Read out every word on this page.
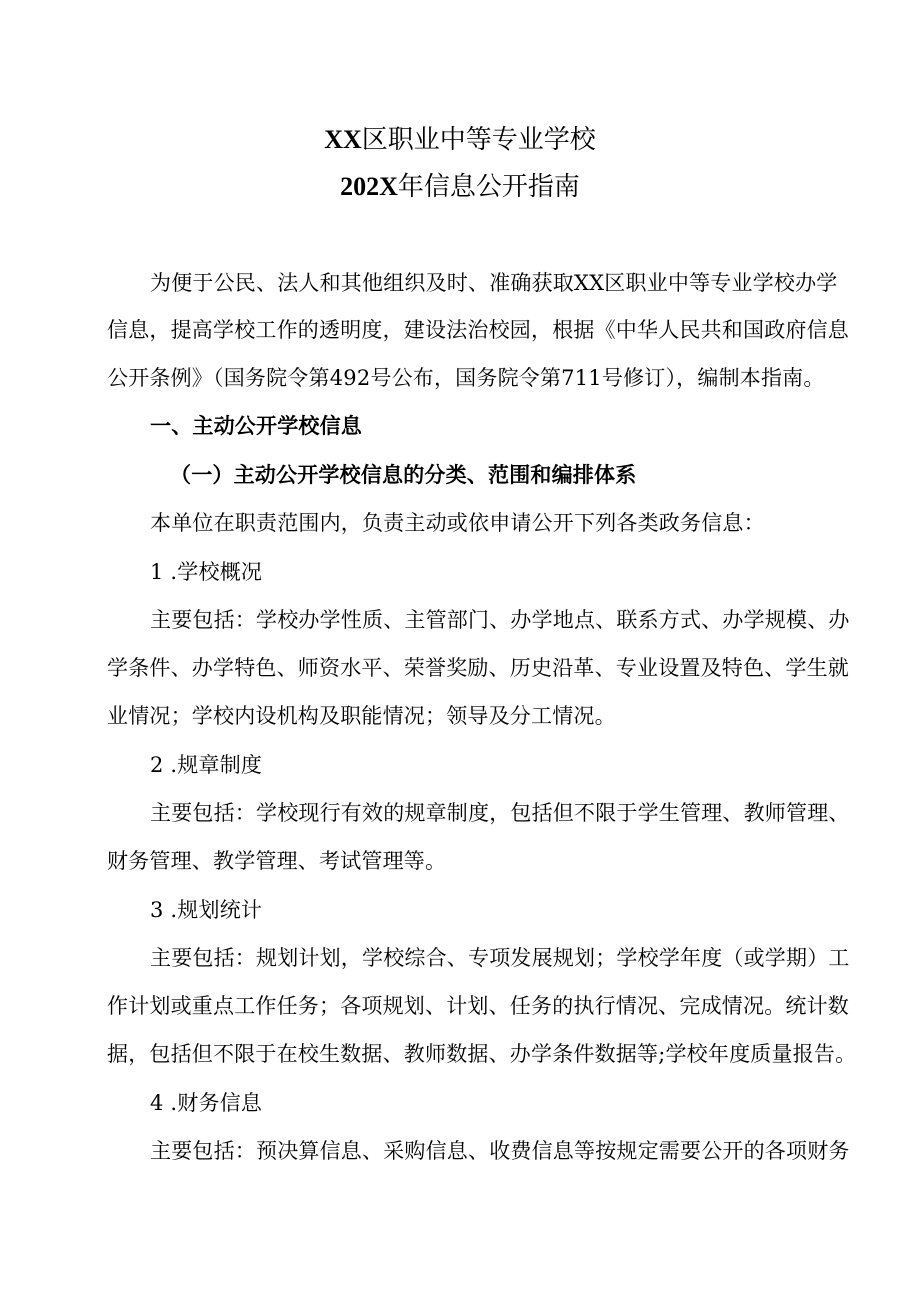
XX区职业中等专业学校
202X年信息公开指南
为便于公民、法人和其他组织及时、准确获取XX区职业中等专业学校办学
信息，提高学校工作的透明度，建设法治校园，根据《中华人民共和国政府信息
公开条例》（国务院令第492号公布，国务院令第711号修订），编制本指南。
一、主动公开学校信息
（一）主动公开学校信息的分类、范围和编排体系
本单位在职责范围内，负责主动或依申请公开下列各类政务信息：
1 .学校概况
主要包括：学校办学性质、主管部门、办学地点、联系方式、办学规模、办
学条件、办学特色、师资水平、荣誉奖励、历史沿革、专业设置及特色、学生就
业情况；学校内设机构及职能情况；领导及分工情况。
2 .规章制度
主要包括：学校现行有效的规章制度，包括但不限于学生管理、教师管理、
财务管理、教学管理、考试管理等。
3 .规划统计
主要包括：规划计划，学校综合、专项发展规划；学校学年度（或学期）工
作计划或重点工作任务；各项规划、计划、任务的执行情况、完成情况。统计数
据，包括但不限于在校生数据、教师数据、办学条件数据等;学校年度质量报告。
4 .财务信息
主要包括：预决算信息、采购信息、收费信息等按规定需要公开的各项财务
